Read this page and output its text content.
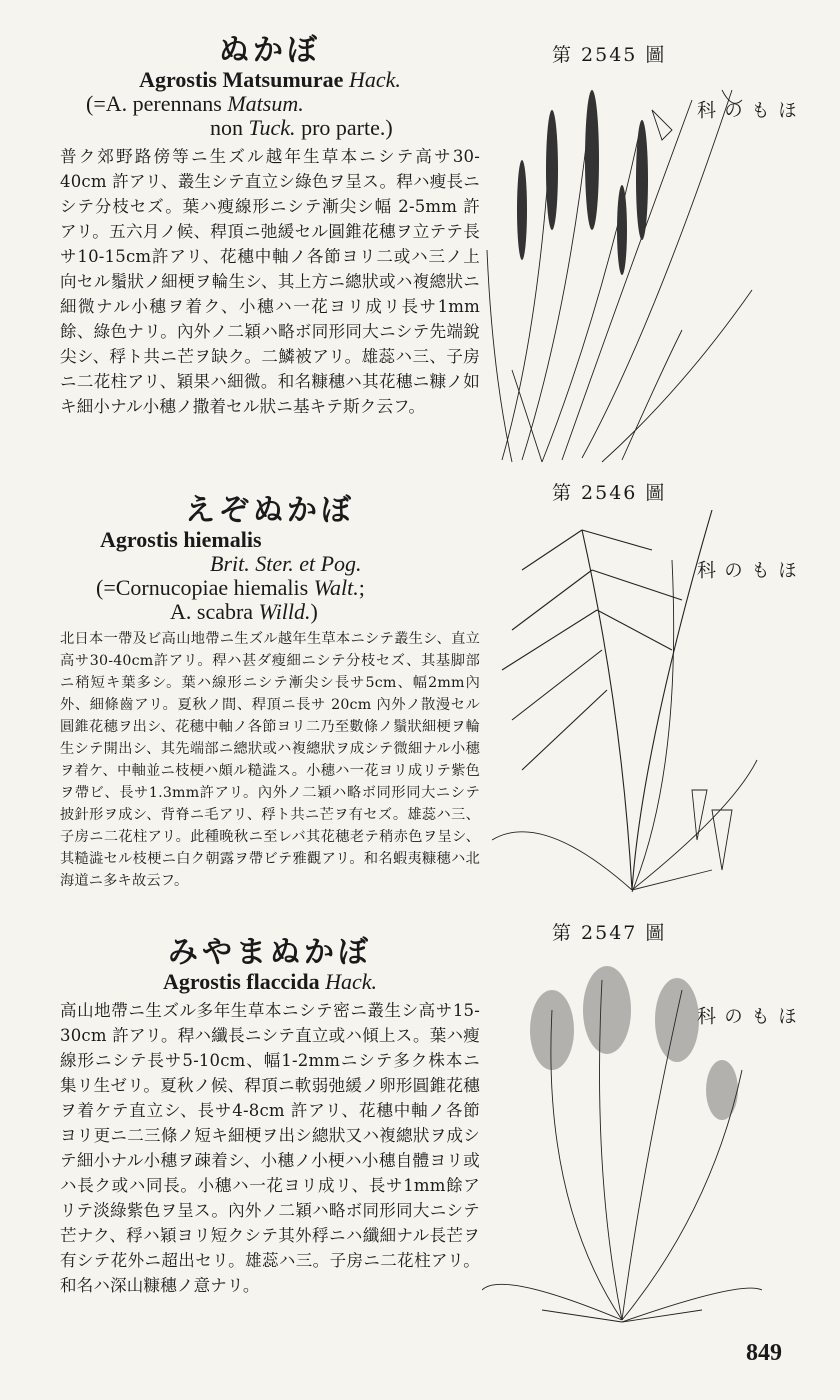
第 2545 圖
ほもの科
ぬかぼ
Agrostis Matsumurae Hack.
(=A. perennans Matsum.
non Tuck. pro parte.)
普ク郊野路傍等ニ生ズル越年生草本ニシテ高サ30-40cm 許アリ、叢生シテ直立シ綠色ヲ呈ス。稈ハ瘦長ニシテ分枝セズ。葉ハ瘦線形ニシテ漸尖シ幅 2-5mm 許アリ。五六月ノ候、稈頂ニ弛緩セル圓錐花穗ヲ立テテ長サ10-15cm許アリ、花穗中軸ノ各節ヨリ二或ハ三ノ上向セル鬚狀ノ細梗ヲ輪生シ、其上方ニ總狀或ハ複總狀ニ細微ナル小穗ヲ着ク、小穗ハ一花ヨリ成リ長サ1mm餘、綠色ナリ。內外ノ二穎ハ略ボ同形同大ニシテ先端銳尖シ、稃ト共ニ芒ヲ缺ク。二鱗被アリ。雄蕊ハ三、子房ニ二花柱アリ、穎果ハ細微。和名糠穗ハ其花穗ニ糠ノ如キ細小ナル小穗ノ撒着セル狀ニ基キテ斯ク云フ。
第 2546 圖
ほもの科
えぞぬかぼ
Agrostis hiemalis
Brit. Ster. et Pog.
(=Cornucopiae hiemalis Walt.;
A. scabra Willd.)
北日本一帶及ビ高山地帶ニ生ズル越年生草本ニシテ叢生シ、直立高サ30-40cm許アリ。稈ハ甚ダ瘦細ニシテ分枝セズ、其基脚部ニ稍短キ葉多シ。葉ハ線形ニシテ漸尖シ長サ5cm、幅2mm內外、細條齒アリ。夏秋ノ間、稈頂ニ長サ 20cm 內外ノ散漫セル圓錐花穗ヲ出シ、花穗中軸ノ各節ヨリ二乃至數條ノ鬚狀細梗ヲ輪生シテ開出シ、其先端部ニ總狀或ハ複總狀ヲ成シテ微細ナル小穗ヲ着ケ、中軸並ニ枝梗ハ頗ル糙澁ス。小穗ハ一花ヨリ成リテ紫色ヲ帶ビ、長サ1.3mm許アリ。內外ノ二穎ハ略ボ同形同大ニシテ披針形ヲ成シ、背脊ニ毛アリ、稃ト共ニ芒ヲ有セズ。雄蕊ハ三、子房ニ二花柱アリ。此種晚秋ニ至レバ其花穗老テ稍赤色ヲ呈シ、其糙澁セル枝梗ニ白ク朝露ヲ帶ビテ雅觀アリ。和名蝦夷糠穗ハ北海道ニ多キ故云フ。
第 2547 圖
ほもの科
みやまぬかぼ
Agrostis flaccida Hack.
高山地帶ニ生ズル多年生草本ニシテ密ニ叢生シ高サ15-30cm 許アリ。稈ハ纖長ニシテ直立或ハ傾上ス。葉ハ瘦線形ニシテ長サ5-10cm、幅1-2mmニシテ多ク株本ニ集リ生ゼリ。夏秋ノ候、稈頂ニ軟弱弛緩ノ卵形圓錐花穗ヲ着ケテ直立シ、長サ4-8cm 許アリ、花穗中軸ノ各節ヨリ更ニ二三條ノ短キ細梗ヲ出シ總狀又ハ複總狀ヲ成シテ細小ナル小穗ヲ疎着シ、小穗ノ小梗ハ小穗自體ヨリ或ハ長ク或ハ同長。小穗ハ一花ヨリ成リ、長サ1mm餘アリテ淡綠紫色ヲ呈ス。內外ノ二穎ハ略ボ同形同大ニシテ芒ナク、稃ハ穎ヨリ短クシテ其外稃ニハ纖細ナル長芒ヲ有シテ花外ニ超出セリ。雄蕊ハ三。子房ニ二花柱アリ。和名ハ深山糠穗ノ意ナリ。
849
